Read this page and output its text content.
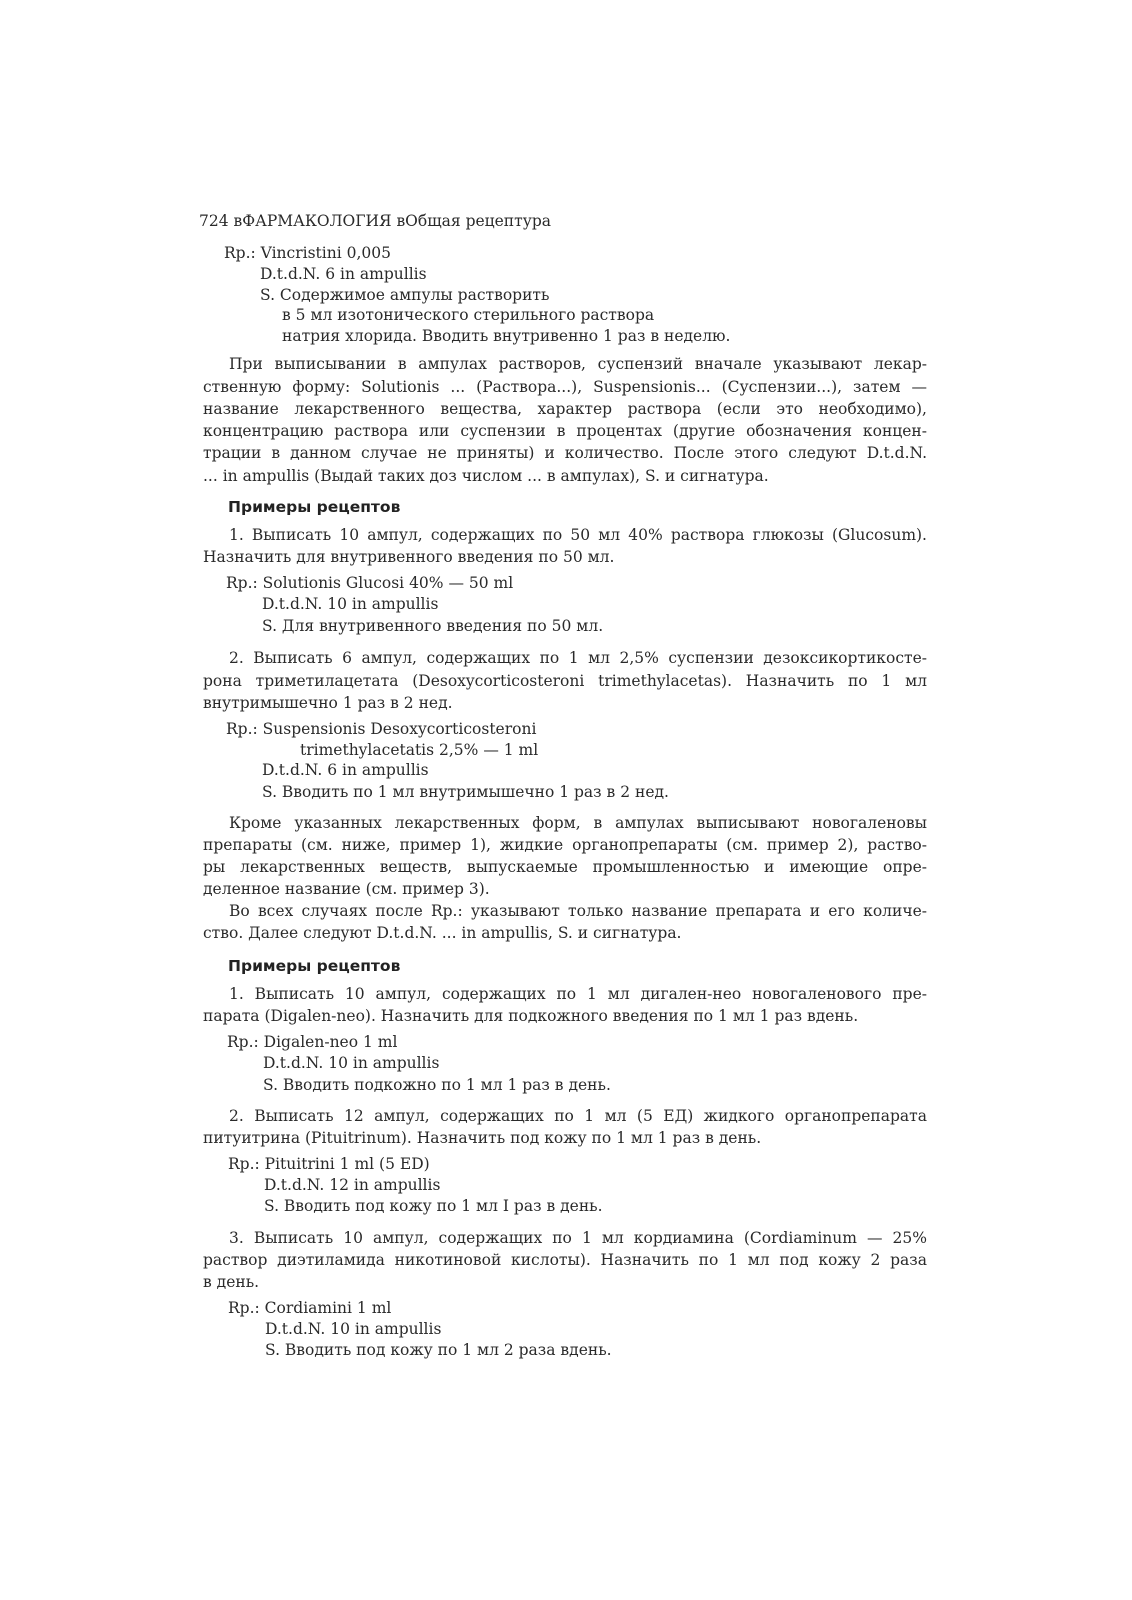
724 вФАРМАКОЛОГИЯ вОбщая рецептура
Rp.: Vincristini 0,005
D.t.d.N. 6 in ampullis
S. Содержимое ампулы растворить
в 5 мл изотонического стерильного раствора
натрия хлорида. Вводить внутривенно 1 раз в неделю.
При выписывании в ампулах растворов, суспензий вначале указывают лекар-
ственную форму: Solutionis ... (Раствора...), Suspensionis... (Суспензии...), затем —
название лекарственного вещества, характер раствора (если это необходимо),
концентрацию раствора или суспензии в процентах (другие обозначения концен-
трации в данном случае не приняты) и количество. После этого следуют D.t.d.N.
... in ampullis (Выдай таких доз числом ... в ампулах), S. и сигнатура.
Примеры рецептов
1. Выписать 10 ампул, содержащих по 50 мл 40% раствора глюкозы (Glucosum).
Назначить для внутривенного введения по 50 мл.
Rp.: Solutionis Glucosi 40% — 50 ml
D.t.d.N. 10 in ampullis
S. Для внутривенного введения по 50 мл.
2. Выписать 6 ампул, содержащих по 1 мл 2,5% суспензии дезоксикортикосте-
рона триметилацетата (Desoxycorticosteroni trimethylacetas). Назначить по 1 мл
внутримышечно 1 раз в 2 нед.
Rp.: Suspensionis Desoxycorticosteroni
trimethylacetatis 2,5% — 1 ml
D.t.d.N. 6 in ampullis
S. Вводить по 1 мл внутримышечно 1 раз в 2 нед.
Кроме указанных лекарственных форм, в ампулах выписывают новогаленовы
препараты (см. ниже, пример 1), жидкие органопрепараты (см. пример 2), раство-
ры лекарственных веществ, выпускаемые промышленностью и имеющие опре-
деленное название (см. пример 3).
Во всех случаях после Rp.: указывают только название препарата и его количе-
ство. Далее следуют D.t.d.N. ... in ampullis, S. и сигнатура.
Примеры рецептов
1. Выписать 10 ампул, содержащих по 1 мл дигален-нео новогаленового пре-
парата (Digalen-neo). Назначить для подкожного введения по 1 мл 1 раз вдень.
Rp.: Digalen-neo 1 ml
D.t.d.N. 10 in ampullis
S. Вводить подкожно по 1 мл 1 раз в день.
2. Выписать 12 ампул, содержащих по 1 мл (5 ЕД) жидкого органопрепарата
питуитрина (Pituitrinum). Назначить под кожу по 1 мл 1 раз в день.
Rp.: Pituitrini 1 ml (5 ED)
D.t.d.N. 12 in ampullis
S. Вводить под кожу по 1 мл I раз в день.
3. Выписать 10 ампул, содержащих по 1 мл кордиамина (Cordiaminum — 25%
раствор диэтиламида никотиновой кислоты). Назначить по 1 мл под кожу 2 раза
в день.
Rp.: Cordiamini 1 ml
D.t.d.N. 10 in ampullis
S. Вводить под кожу по 1 мл 2 раза вдень.
